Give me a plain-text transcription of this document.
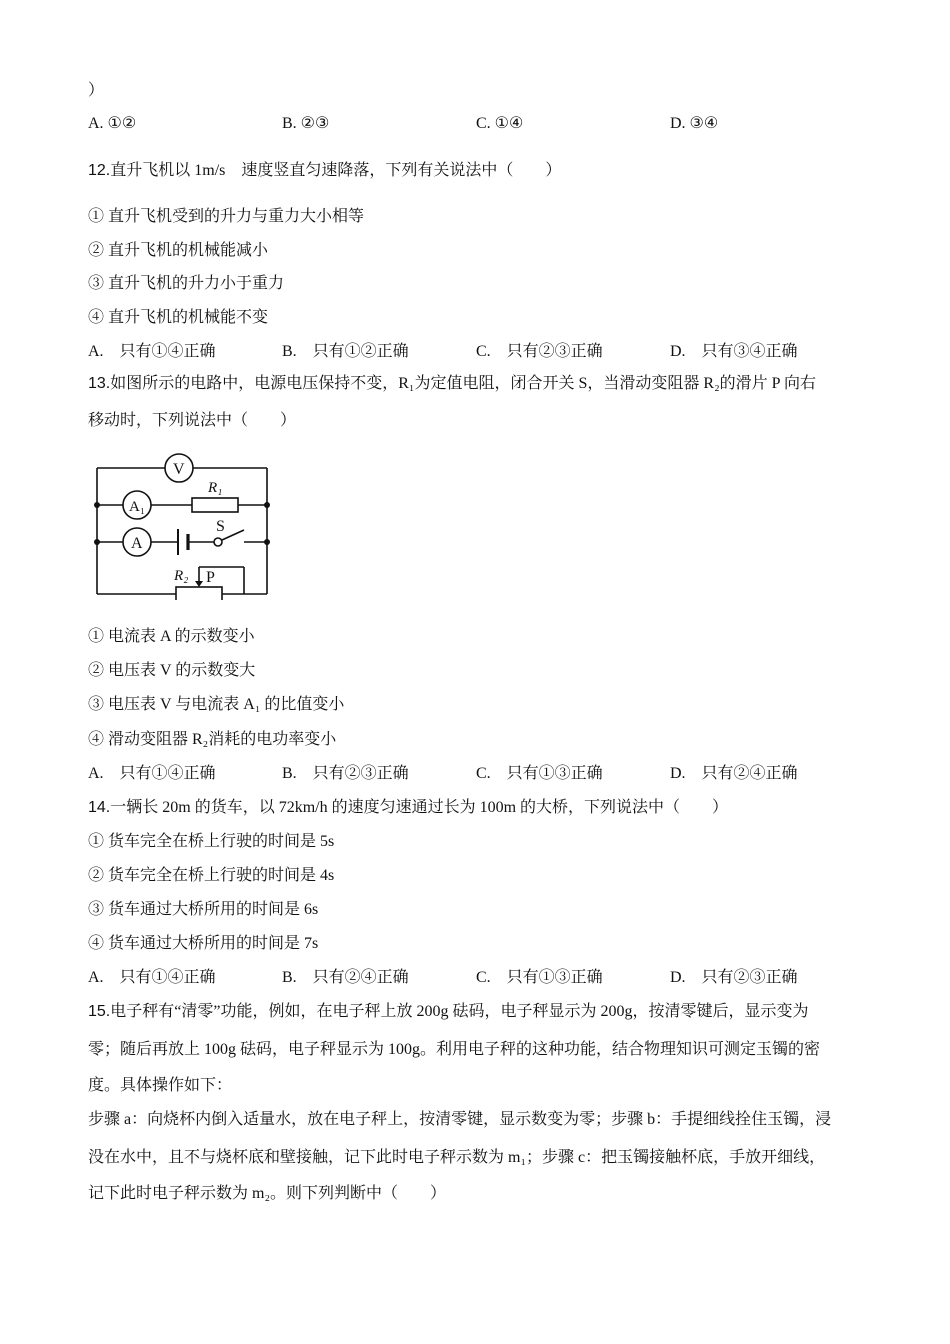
）
A. ①②	B. ②③	C. ①④	D. ③④
12.直升飞机以 1m/s　速度竖直匀速降落，下列有关说法中（　　）
① 直升飞机受到的升力与重力大小相等
② 直升飞机的机械能减小
③ 直升飞机的升力小于重力
④ 直升飞机的机械能不变
A.　只有①④正确	B.　只有①②正确	C.　只有②③正确	D.　只有③④正确
13.如图所示的电路中，电源电压保持不变，R₁为定值电阻，闭合开关 S，当滑动变阻器 R₂的滑片 P 向右
移动时，下列说法中（　　）
V
A₁
A
R₁
S
R₂ P
① 电流表 A 的示数变小
② 电压表 V 的示数变大
③ 电压表 V 与电流表 A₁ 的比值变小
④ 滑动变阻器 R₂消耗的电功率变小
A.　只有①④正确	B.　只有②③正确	C.　只有①③正确	D.　只有②④正确
14.一辆长 20m 的货车，以 72km/h 的速度匀速通过长为 100m 的大桥，下列说法中（　　）
① 货车完全在桥上行驶的时间是 5s
② 货车完全在桥上行驶的时间是 4s
③ 货车通过大桥所用的时间是 6s
④ 货车通过大桥所用的时间是 7s
A.　只有①④正确	B.　只有②④正确	C.　只有①③正确	D.　只有②③正确
15.电子秤有“清零”功能，例如，在电子秤上放 200g 砝码，电子秤显示为 200g，按清零键后，显示变为
零；随后再放上 100g 砝码，电子秤显示为 100g。利用电子秤的这种功能，结合物理知识可测定玉镯的密
度。具体操作如下：
步骤 a：向烧杯内倒入适量水，放在电子秤上，按清零键，显示数变为零；步骤 b：手提细线拴住玉镯，浸
没在水中，且不与烧杯底和壁接触，记下此时电子秤示数为 m₁；步骤 c：把玉镯接触杯底，手放开细线，
记下此时电子秤示数为 m₂。则下列判断中（　　）
